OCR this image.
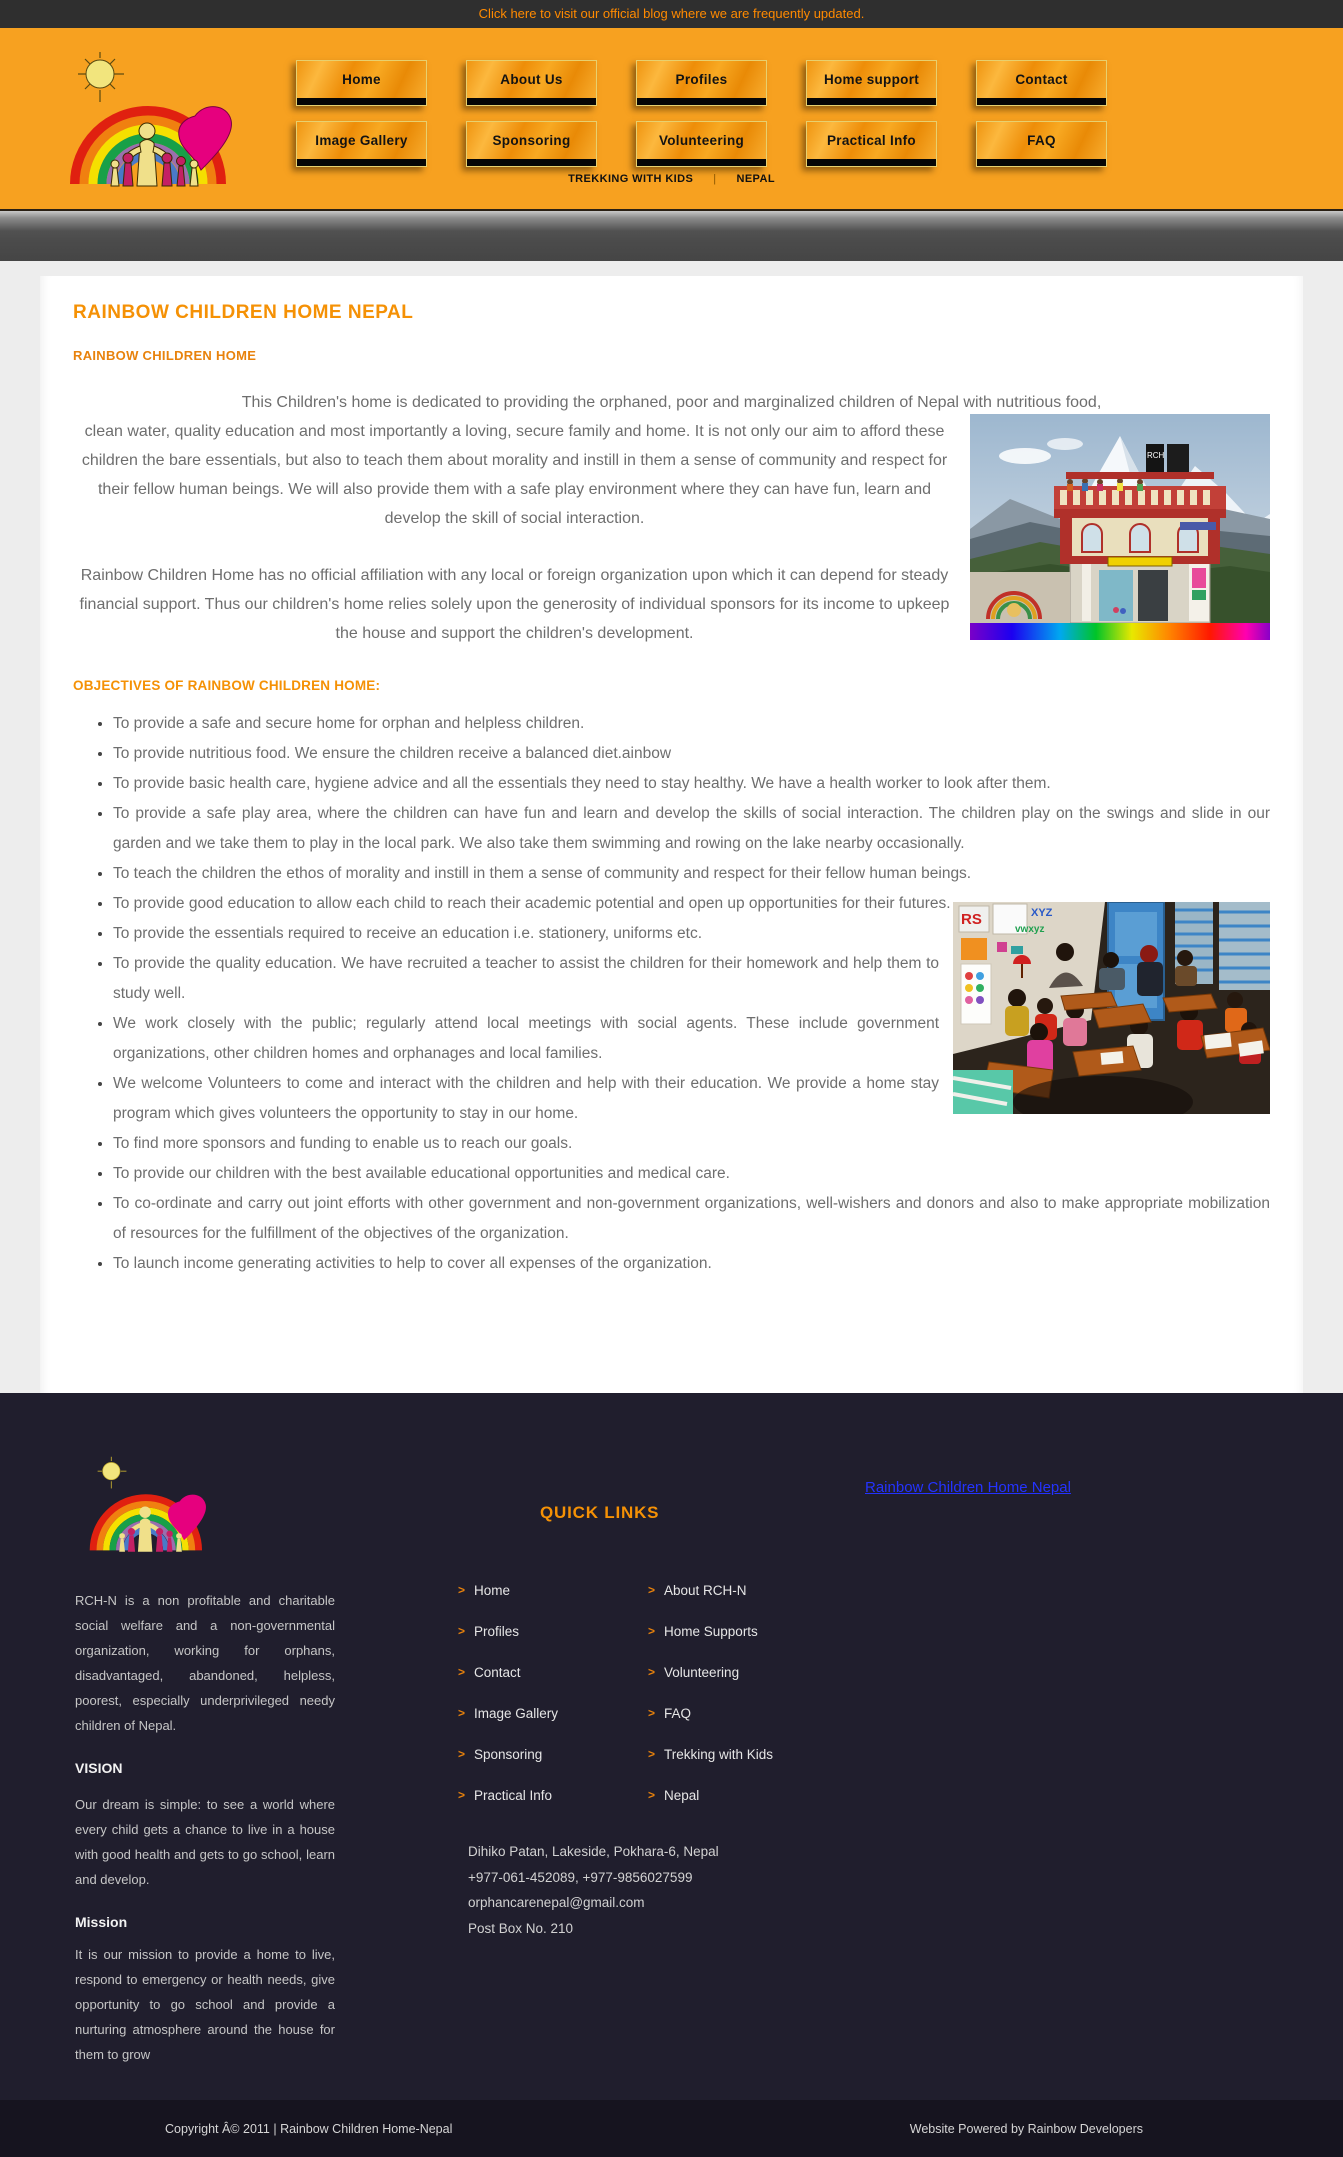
Click here to visit our official blog where we are frequently updated.
Home	About Us	Profiles	Home support	Contact
Image Gallery	Sponsoring	Volunteering	Practical Info	FAQ
TREKKING WITH KIDS | NEPAL
RAINBOW CHILDREN HOME NEPAL
RAINBOW CHILDREN HOME

This Children's home is dedicated to providing the orphaned, poor and marginalized children of Nepal with nutritious food,

RCH
clean water, quality education and most importantly a loving, secure family and home. It is not only our aim to afford these children the bare essentials, but also to teach them about morality and instill in them a sense of community and respect for their fellow human beings. We will also provide them with a safe play environment where they can have fun, learn and develop the skill of social interaction.

Rainbow Children Home has no official affiliation with any local or foreign organization upon which it can depend for steady financial support. Thus our children's home relies solely upon the generosity of individual sponsors for its income to upkeep the house and support the children's development.

OBJECTIVES OF RAINBOW CHILDREN HOME:
• To provide a safe and secure home for orphan and helpless children.
• To provide nutritious food. We ensure the children receive a balanced diet.ainbow
• To provide basic health care, hygiene advice and all the essentials they need to stay healthy. We have a health worker to look after them.
• To provide a safe play area, where the children can have fun and learn and develop the skills of social interaction. The children play on the swings and slide in our garden and we take them to play in the local park. We also take them swimming and rowing on the lake nearby occasionally.
• To teach the children the ethos of morality and instill in them a sense of community and respect for their fellow human beings.
• To provide good education to allow each child to reach their academic potential and open up opportunities for their futures.
• RS	XYZ
vwxyz
To provide the essentials required to receive an education i.e. stationery, uniforms etc.
• To provide the quality education. We have recruited a teacher to assist the children for their homework and help them to study well.
• We work closely with the public; regularly attend local meetings with social agents. These include government organizations, other children homes and orphanages and local families.
• We welcome Volunteers to come and interact with the children and help with their education. We provide a home stay program which gives volunteers the opportunity to stay in our home.
• To find more sponsors and funding to enable us to reach our goals.
• To provide our children with the best available educational opportunities and medical care.
• To co-ordinate and carry out joint efforts with other government and non-government organizations, well-wishers and donors and also to make appropriate mobilization of resources for the fulfillment of the objectives of the organization.
• To launch income generating activities to help to cover all expenses of the organization.
Rainbow Children Home Nepal
QUICK LINKS
RCH-N is a non profitable and charitable social welfare and a non-governmental organization, working for orphans, disadvantaged, abandoned, helpless, poorest, especially underprivileged needy children of Nepal.
VISION
Our dream is simple: to see a world where every child gets a chance to live in a house with good health and gets to go school, learn and develop.
Mission
It is our mission to provide a home to live, respond to emergency or health needs, give opportunity to go school and provide a nurturing atmosphere around the house for them to grow
> Home
> Profiles
> Contact
> Image Gallery
> Sponsoring
> Practical Info
> About RCH-N
> Home Supports
> Volunteering
> FAQ
> Trekking with Kids
> Nepal
Dihiko Patan, Lakeside, Pokhara-6, Nepal
+977-061-452089, +977-9856027599
orphancarenepal@gmail.com
Post Box No. 210
Copyright Â© 2011 | Rainbow Children Home-Nepal	Website Powered by Rainbow Developers
